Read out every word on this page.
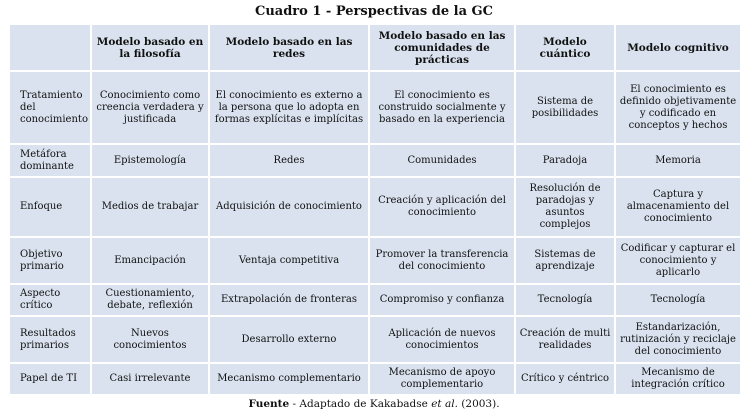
Cuadro 1 - Perspectivas de la GC
	Modelo basado en la filosofía	Modelo basado en las redes	Modelo basado en las comunidades de prácticas	Modelo cuántico	Modelo cognitivo
Tratamiento del conocimiento	Conocimiento como creencia verdadera y justificada	El conocimiento es externo a la persona que lo adopta en formas explícitas e implícitas	El conocimiento es construido socialmente y basado en la experiencia	Sistema de posibilidades	El conocimiento es definido objetivamente y codificado en conceptos y hechos
Metáfora dominante	Epistemología	Redes	Comunidades	Paradoja	Memoria
Enfoque	Medios de trabajar	Adquisición de conocimiento	Creación y aplicación del conocimiento	Resolución de paradojas y asuntos complejos	Captura y almacenamiento del conocimiento
Objetivo primario	Emancipación	Ventaja competitiva	Promover la transferencia del conocimiento	Sistemas de aprendizaje	Codificar y capturar el conocimiento y aplicarlo
Aspecto crítico	Cuestionamiento, debate, reflexión	Extrapolación de fronteras	Compromiso y confianza	Tecnología	Tecnología
Resultados primarios	Nuevos conocimientos	Desarrollo externo	Aplicación de nuevos conocimientos	Creación de multi realidades	Estandarización, rutinización y reciclaje del conocimiento
Papel de TI	Casi irrelevante	Mecanismo complementario	Mecanismo de apoyo complementario	Crítico y céntrico	Mecanismo de integración crítico
Fuente - Adaptado de Kakabadse et al. (2003).
